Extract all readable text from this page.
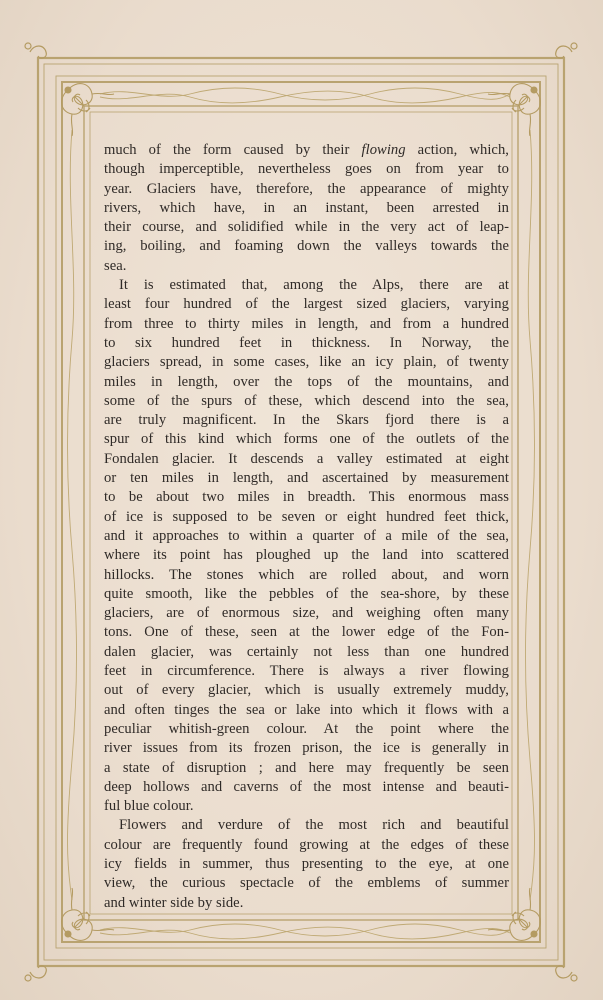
much of the form caused by their flowing action, which,
though imperceptible, nevertheless goes on from year to
year. Glaciers have, therefore, the appearance of mighty
rivers, which have, in an instant, been arrested in
their course, and solidified while in the very act of leap-
ing, boiling, and foaming down the valleys towards the
sea.
It is estimated that, among the Alps, there are at
least four hundred of the largest sized glaciers, varying
from three to thirty miles in length, and from a hundred
to six hundred feet in thickness. In Norway, the
glaciers spread, in some cases, like an icy plain, of twenty
miles in length, over the tops of the mountains, and
some of the spurs of these, which descend into the sea,
are truly magnificent. In the Skars fjord there is a
spur of this kind which forms one of the outlets of the
Fondalen glacier. It descends a valley estimated at eight
or ten miles in length, and ascertained by measurement
to be about two miles in breadth. This enormous mass
of ice is supposed to be seven or eight hundred feet thick,
and it approaches to within a quarter of a mile of the sea,
where its point has ploughed up the land into scattered
hillocks. The stones which are rolled about, and worn
quite smooth, like the pebbles of the sea-shore, by these
glaciers, are of enormous size, and weighing often many
tons. One of these, seen at the lower edge of the Fon-
dalen glacier, was certainly not less than one hundred
feet in circumference. There is always a river flowing
out of every glacier, which is usually extremely muddy,
and often tinges the sea or lake into which it flows with a
peculiar whitish-green colour. At the point where the
river issues from its frozen prison, the ice is generally in
a state of disruption ; and here may frequently be seen
deep hollows and caverns of the most intense and beauti-
ful blue colour.
Flowers and verdure of the most rich and beautiful
colour are frequently found growing at the edges of these
icy fields in summer, thus presenting to the eye, at one
view, the curious spectacle of the emblems of summer
and winter side by side.
